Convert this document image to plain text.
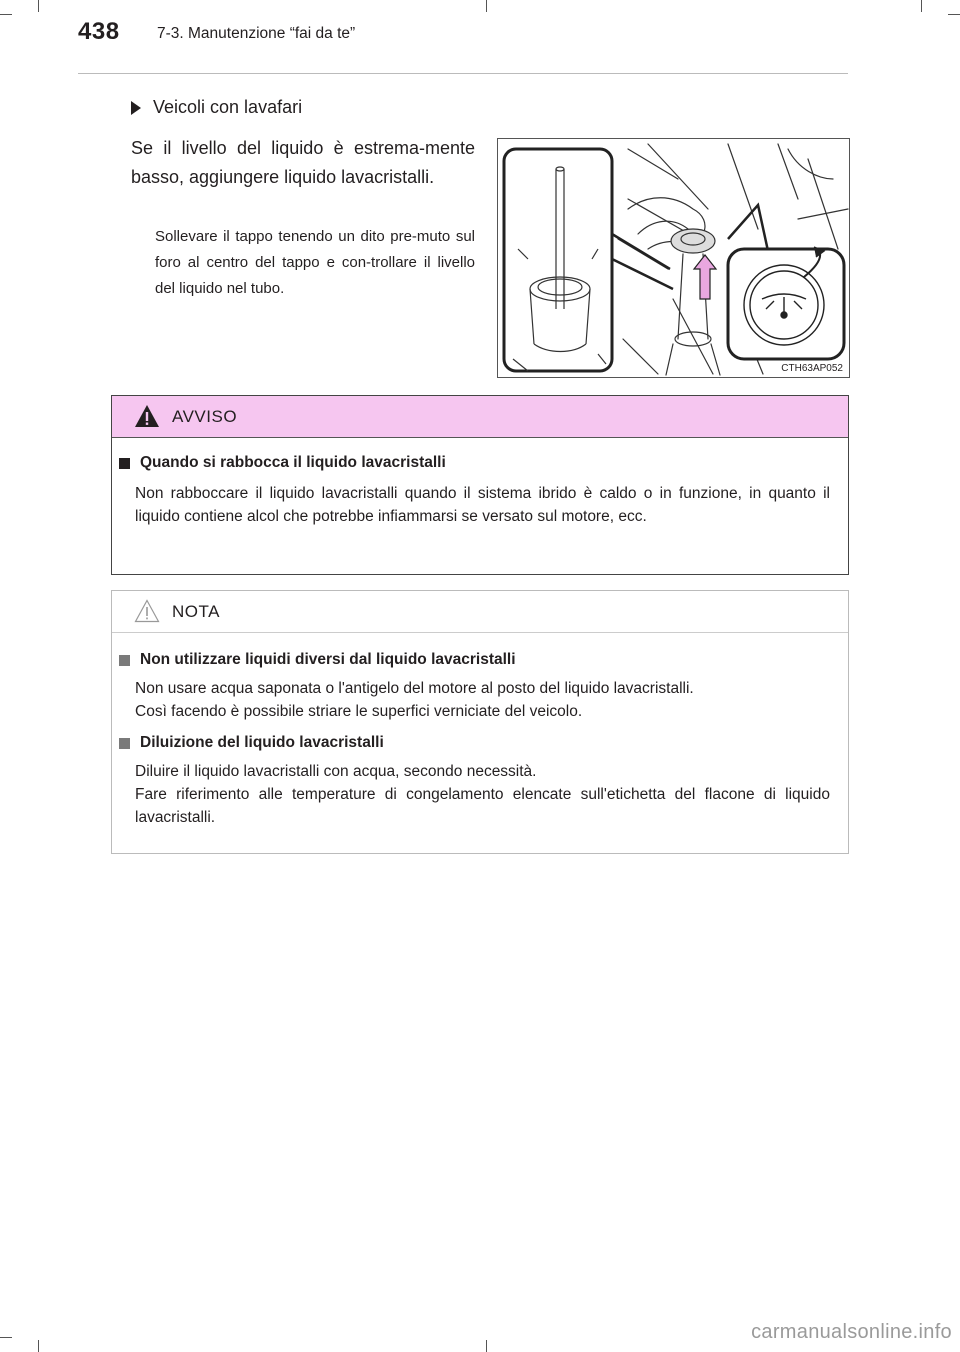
438 7-3. Manutenzione “fai da te”
Veicoli con lavafari
Se il livello del liquido è estrema-mente basso, aggiungere liquido lavacristalli.
Sollevare il tappo tenendo un dito pre-muto sul foro al centro del tappo e con-trollare il livello del liquido nel tubo.
CTH63AP052
AVVISO
Quando si rabbocca il liquido lavacristalli
Non rabboccare il liquido lavacristalli quando il sistema ibrido è caldo o in funzione, in quanto il liquido contiene alcol che potrebbe infiammarsi se versato sul motore, ecc.
NOTA
Non utilizzare liquidi diversi dal liquido lavacristalli
Non usare acqua saponata o l'antigelo del motore al posto del liquido lavacristalli.
Così facendo è possibile striare le superfici verniciate del veicolo.
Diluizione del liquido lavacristalli
Diluire il liquido lavacristalli con acqua, secondo necessità.
Fare riferimento alle temperature di congelamento elencate sull'etichetta del flacone di liquido lavacristalli.
carmanualsonline.info
